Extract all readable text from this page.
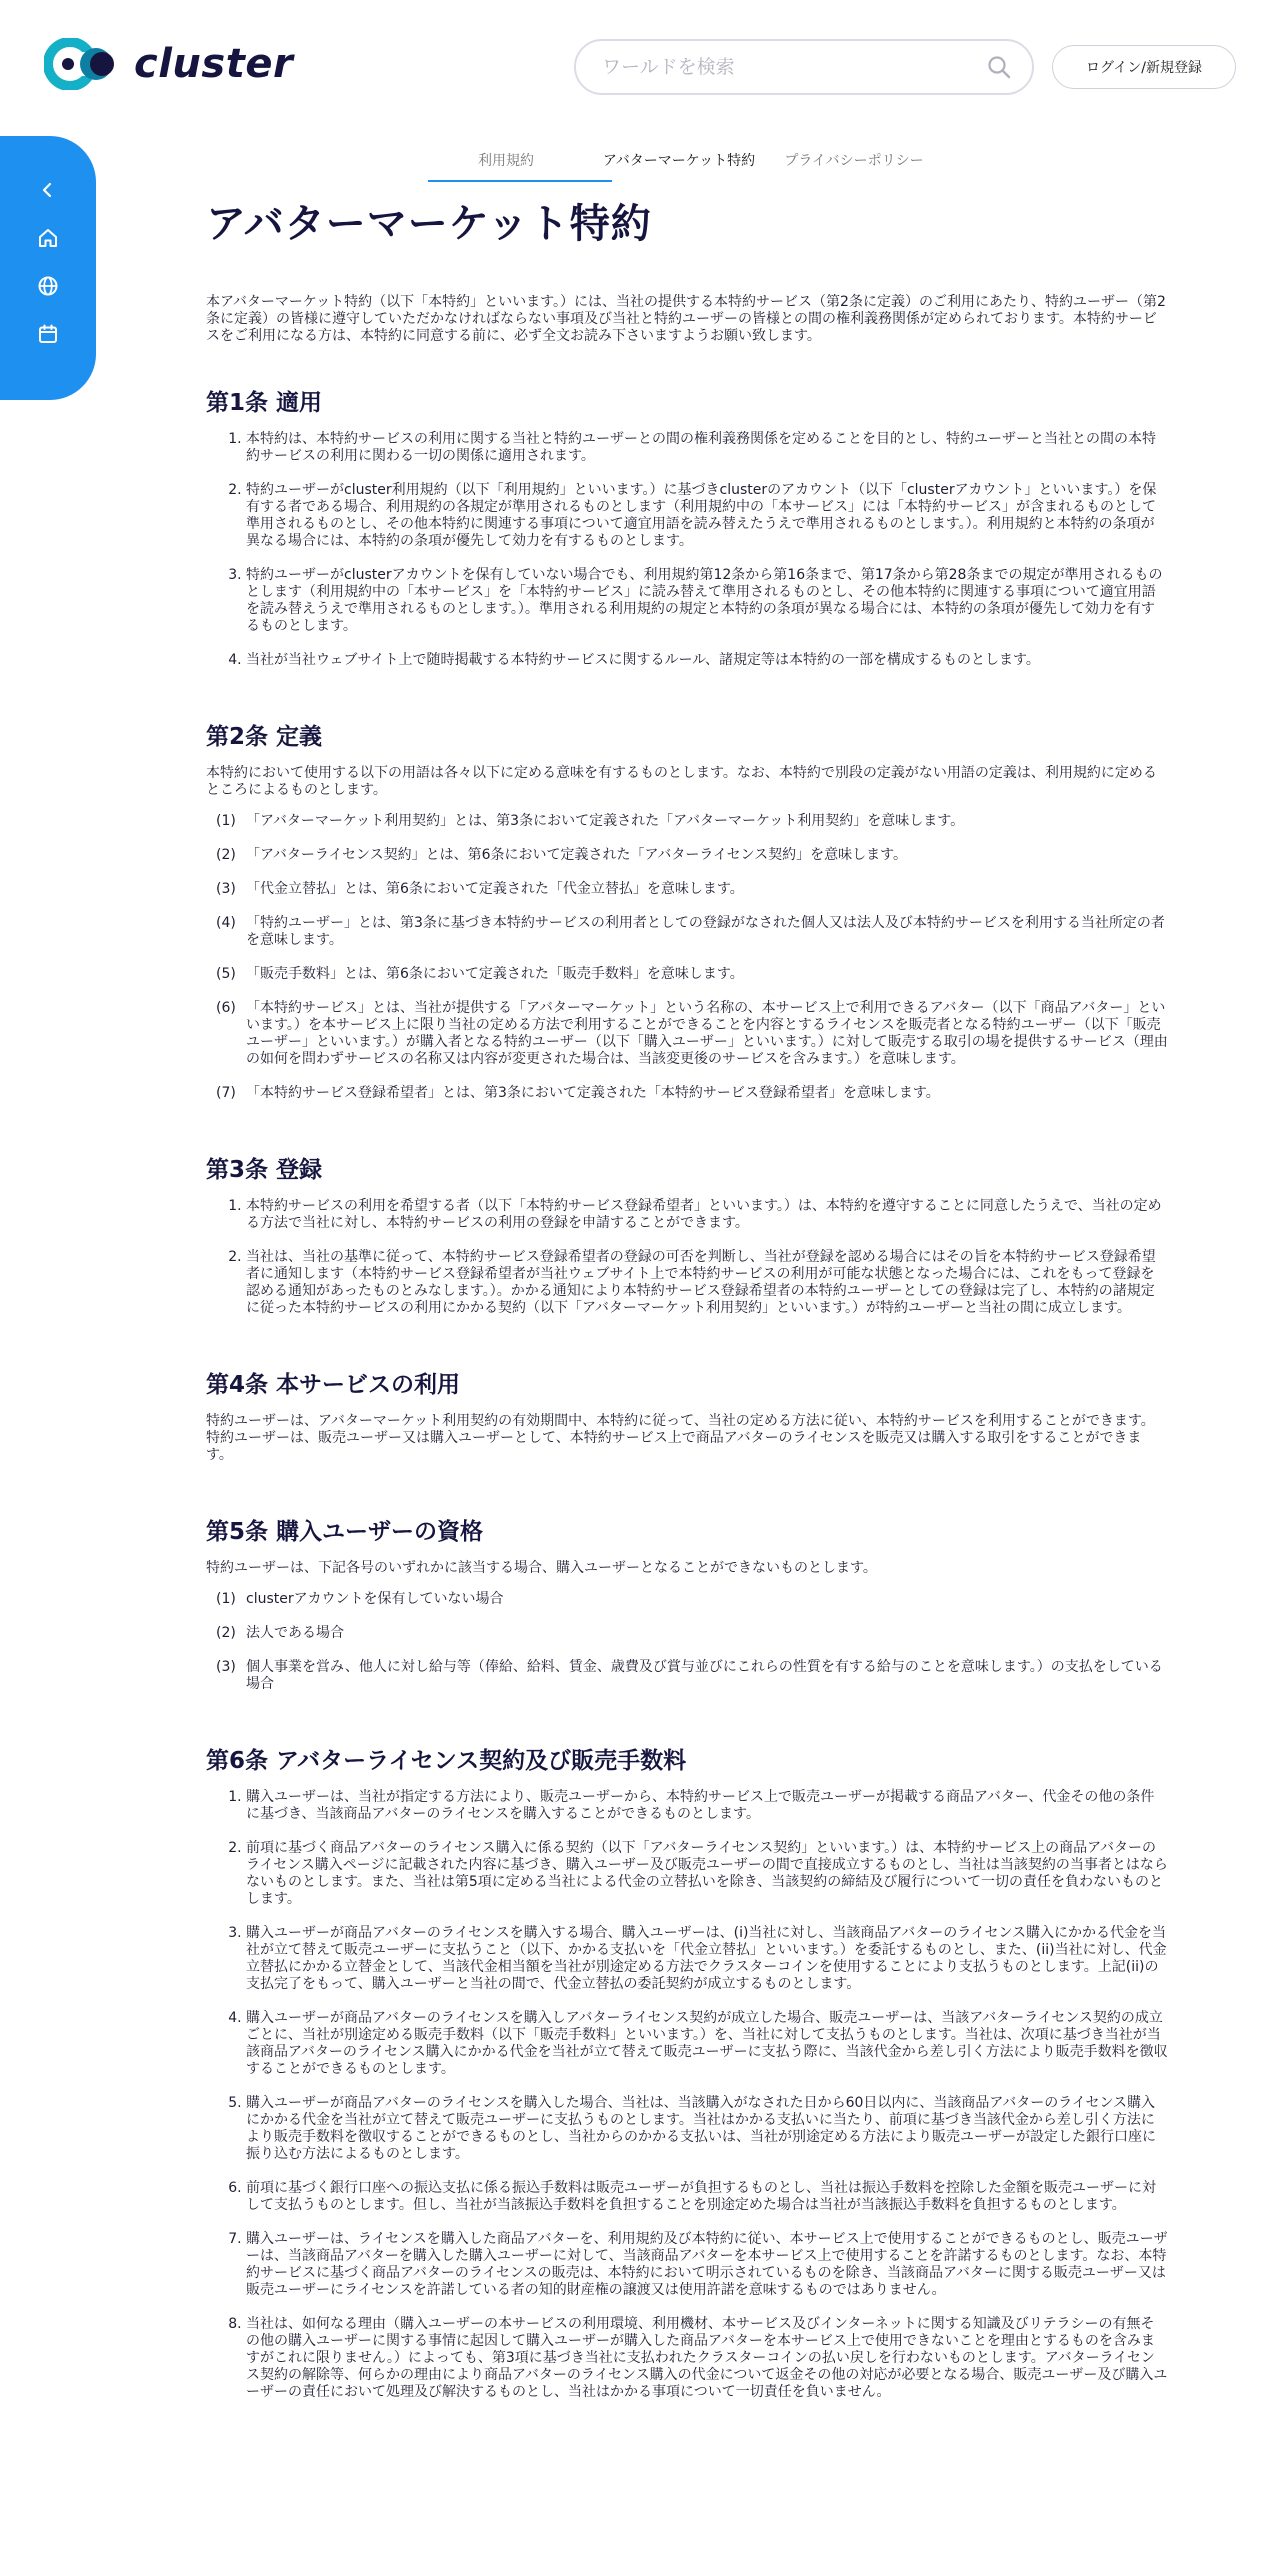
cluster
ワールドを検索	ログイン/新規登録
利用規約	アバターマーケット特約	プライバシーポリシー
アバターマーケット特約

本アバターマーケット特約（以下「本特約」といいます。）には、当社の提供する本特約サービス（第2条に定義）のご利用にあたり、特約ユーザー（第2条に定義）の皆様に遵守していただかなければならない事項及び当社と特約ユーザーの皆様との間の権利義務関係が定められております。本特約サービスをご利用になる方は、本特約に同意する前に、必ず全文お読み下さいますようお願い致します。

第1条 適用
1. 本特約は、本特約サービスの利用に関する当社と特約ユーザーとの間の権利義務関係を定めることを目的とし、特約ユーザーと当社との間の本特約サービスの利用に関わる一切の関係に適用されます。
2. 特約ユーザーがcluster利用規約（以下「利用規約」といいます。）に基づきclusterのアカウント（以下「clusterアカウント」といいます。）を保有する者である場合、利用規約の各規定が準用されるものとします（利用規約中の「本サービス」には「本特約サービス」が含まれるものとして準用されるものとし、その他本特約に関連する事項について適宜用語を読み替えたうえで準用されるものとします。）。利用規約と本特約の条項が異なる場合には、本特約の条項が優先して効力を有するものとします。
3. 特約ユーザーがclusterアカウントを保有していない場合でも、利用規約第12条から第16条まで、第17条から第28条までの規定が準用されるものとします（利用規約中の「本サービス」を「本特約サービス」に読み替えて準用されるものとし、その他本特約に関連する事項について適宜用語を読み替えうえで準用されるものとします。）。準用される利用規約の規定と本特約の条項が異なる場合には、本特約の条項が優先して効力を有するものとします。
4. 当社が当社ウェブサイト上で随時掲載する本特約サービスに関するルール、諸規定等は本特約の一部を構成するものとします。
第2条 定義

本特約において使用する以下の用語は各々以下に定める意味を有するものとします。なお、本特約で別段の定義がない用語の定義は、利用規約に定めるところによるものとします。

(1) 「アバターマーケット利用契約」とは、第3条において定義された「アバターマーケット利用契約」を意味します。
(2) 「アバターライセンス契約」とは、第6条において定義された「アバターライセンス契約」を意味します。
(3) 「代金立替払」とは、第6条において定義された「代金立替払」を意味します。
(4) 「特約ユーザー」とは、第3条に基づき本特約サービスの利用者としての登録がなされた個人又は法人及び本特約サービスを利用する当社所定の者を意味します。
(5) 「販売手数料」とは、第6条において定義された「販売手数料」を意味します。
(6) 「本特約サービス」とは、当社が提供する「アバターマーケット」という名称の、本サービス上で利用できるアバター（以下「商品アバター」といいます。）を本サービス上に限り当社の定める方法で利用することができることを内容とするライセンスを販売者となる特約ユーザー（以下「販売ユーザー」といいます。）が購入者となる特約ユーザー（以下「購入ユーザー」といいます。）に対して販売する取引の場を提供するサービス（理由の如何を問わずサービスの名称又は内容が変更された場合は、当該変更後のサービスを含みます。）を意味します。
(7) 「本特約サービス登録希望者」とは、第3条において定義された「本特約サービス登録希望者」を意味します。
第3条 登録
1. 本特約サービスの利用を希望する者（以下「本特約サービス登録希望者」といいます。）は、本特約を遵守することに同意したうえで、当社の定める方法で当社に対し、本特約サービスの利用の登録を申請することができます。
2. 当社は、当社の基準に従って、本特約サービス登録希望者の登録の可否を判断し、当社が登録を認める場合にはその旨を本特約サービス登録希望者に通知します（本特約サービス登録希望者が当社ウェブサイト上で本特約サービスの利用が可能な状態となった場合には、これをもって登録を認める通知があったものとみなします。）。かかる通知により本特約サービス登録希望者の本特約ユーザーとしての登録は完了し、本特約の諸規定に従った本特約サービスの利用にかかる契約（以下「アバターマーケット利用契約」といいます。）が特約ユーザーと当社の間に成立します。
第4条 本サービスの利用

特約ユーザーは、アバターマーケット利用契約の有効期間中、本特約に従って、当社の定める方法に従い、本特約サービスを利用することができます。特約ユーザーは、販売ユーザー又は購入ユーザーとして、本特約サービス上で商品アバターのライセンスを販売又は購入する取引をすることができます。

第5条 購入ユーザーの資格

特約ユーザーは、下記各号のいずれかに該当する場合、購入ユーザーとなることができないものとします。

(1) clusterアカウントを保有していない場合
(2) 法人である場合
(3) 個人事業を営み、他人に対し給与等（俸給、給料、賃金、歳費及び賞与並びにこれらの性質を有する給与のことを意味します。）の支払をしている場合
第6条 アバターライセンス契約及び販売手数料
1. 購入ユーザーは、当社が指定する方法により、販売ユーザーから、本特約サービス上で販売ユーザーが掲載する商品アバター、代金その他の条件に基づき、当該商品アバターのライセンスを購入することができるものとします。
2. 前項に基づく商品アバターのライセンス購入に係る契約（以下「アバターライセンス契約」といいます。）は、本特約サービス上の商品アバターのライセンス購入ページに記載された内容に基づき、購入ユーザー及び販売ユーザーの間で直接成立するものとし、当社は当該契約の当事者とはならないものとします。また、当社は第5項に定める当社による代金の立替払いを除き、当該契約の締結及び履行について一切の責任を負わないものとします。
3. 購入ユーザーが商品アバターのライセンスを購入する場合、購入ユーザーは、(i)当社に対し、当該商品アバターのライセンス購入にかかる代金を当社が立て替えて販売ユーザーに支払うこと（以下、かかる支払いを「代金立替払」といいます。）を委託するものとし、また、(ii)当社に対し、代金立替払にかかる立替金として、当該代金相当額を当社が別途定める方法でクラスターコインを使用することにより支払うものとします。上記(ii)の支払完了をもって、購入ユーザーと当社の間で、代金立替払の委託契約が成立するものとします。
4. 購入ユーザーが商品アバターのライセンスを購入しアバターライセンス契約が成立した場合、販売ユーザーは、当該アバターライセンス契約の成立ごとに、当社が別途定める販売手数料（以下「販売手数料」といいます。）を、当社に対して支払うものとします。当社は、次項に基づき当社が当該商品アバターのライセンス購入にかかる代金を当社が立て替えて販売ユーザーに支払う際に、当該代金から差し引く方法により販売手数料を徴収することができるものとします。
5. 購入ユーザーが商品アバターのライセンスを購入した場合、当社は、当該購入がなされた日から60日以内に、当該商品アバターのライセンス購入にかかる代金を当社が立て替えて販売ユーザーに支払うものとします。当社はかかる支払いに当たり、前項に基づき当該代金から差し引く方法により販売手数料を徴収することができるものとし、当社からのかかる支払いは、当社が別途定める方法により販売ユーザーが設定した銀行口座に振り込む方法によるものとします。
6. 前項に基づく銀行口座への振込支払に係る振込手数料は販売ユーザーが負担するものとし、当社は振込手数料を控除した金額を販売ユーザーに対して支払うものとします。但し、当社が当該振込手数料を負担することを別途定めた場合は当社が当該振込手数料を負担するものとします。
7. 購入ユーザーは、ライセンスを購入した商品アバターを、利用規約及び本特約に従い、本サービス上で使用することができるものとし、販売ユーザーは、当該商品アバターを購入した購入ユーザーに対して、当該商品アバターを本サービス上で使用することを許諾するものとします。なお、本特約サービスに基づく商品アバターのライセンスの販売は、本特約において明示されているものを除き、当該商品アバターに関する販売ユーザー又は販売ユーザーにライセンスを許諾している者の知的財産権の譲渡又は使用許諾を意味するものではありません。
8. 当社は、如何なる理由（購入ユーザーの本サービスの利用環境、利用機材、本サービス及びインターネットに関する知識及びリテラシーの有無その他の購入ユーザーに関する事情に起因して購入ユーザーが購入した商品アバターを本サービス上で使用できないことを理由とするものを含みますがこれに限りません。）によっても、第3項に基づき当社に支払われたクラスターコインの払い戻しを行わないものとします。アバターライセンス契約の解除等、何らかの理由により商品アバターのライセンス購入の代金について返金その他の対応が必要となる場合、販売ユーザー及び購入ユーザーの責任において処理及び解決するものとし、当社はかかる事項について一切責任を負いません。
